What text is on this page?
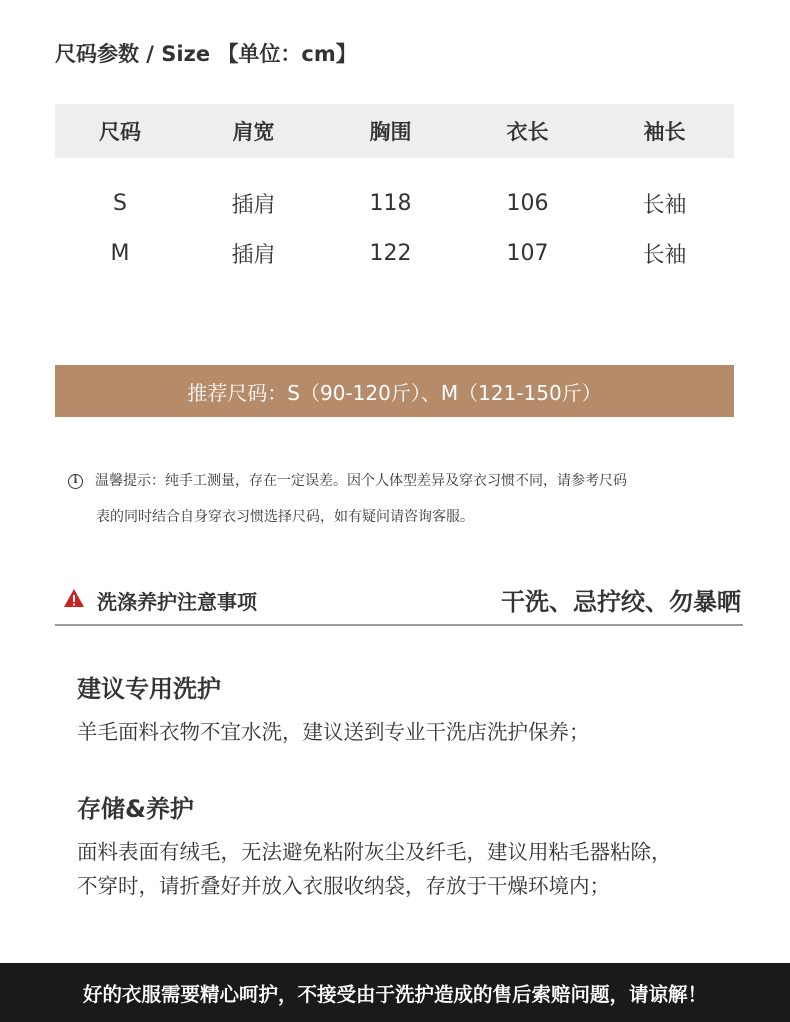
尺码参数 / Size 【单位：cm】
尺码	肩宽	胸围	衣长	袖长
S	插肩	118	106	长袖
M	插肩	122	107	长袖
推荐尺码：S（90-120斤）、M（121-150斤）
i	温馨提示：纯手工测量，存在一定误差。因个人体型差异及穿衣习惯不同，请参考尺码
表的同时结合自身穿衣习惯选择尺码，如有疑问请咨询客服。
洗涤养护注意事项	干洗、忌拧绞、勿暴晒
建议专用洗护
羊毛面料衣物不宜水洗，建议送到专业干洗店洗护保养；
存储&养护
面料表面有绒毛，无法避免粘附灰尘及纤毛，建议用粘毛器粘除，
不穿时，请折叠好并放入衣服收纳袋，存放于干燥环境内；
好的衣服需要精心呵护，不接受由于洗护造成的售后索赔问题，请谅解！
